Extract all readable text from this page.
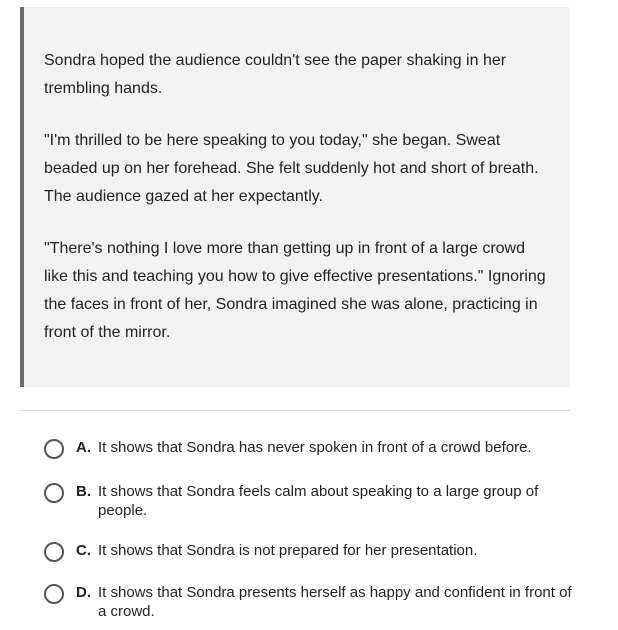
Sondra hoped the audience couldn't see the paper shaking in her trembling hands.

"I'm thrilled to be here speaking to you today," she began. Sweat beaded up on her forehead. She felt suddenly hot and short of breath. The audience gazed at her expectantly.

"There's nothing I love more than getting up in front of a large crowd like this and teaching you how to give effective presentations." Ignoring the faces in front of her, Sondra imagined she was alone, practicing in front of the mirror.

A. It shows that Sondra has never spoken in front of a crowd before.
B. It shows that Sondra feels calm about speaking to a large group of people.
C. It shows that Sondra is not prepared for her presentation.
D. It shows that Sondra presents herself as happy and confident in front of a crowd.
